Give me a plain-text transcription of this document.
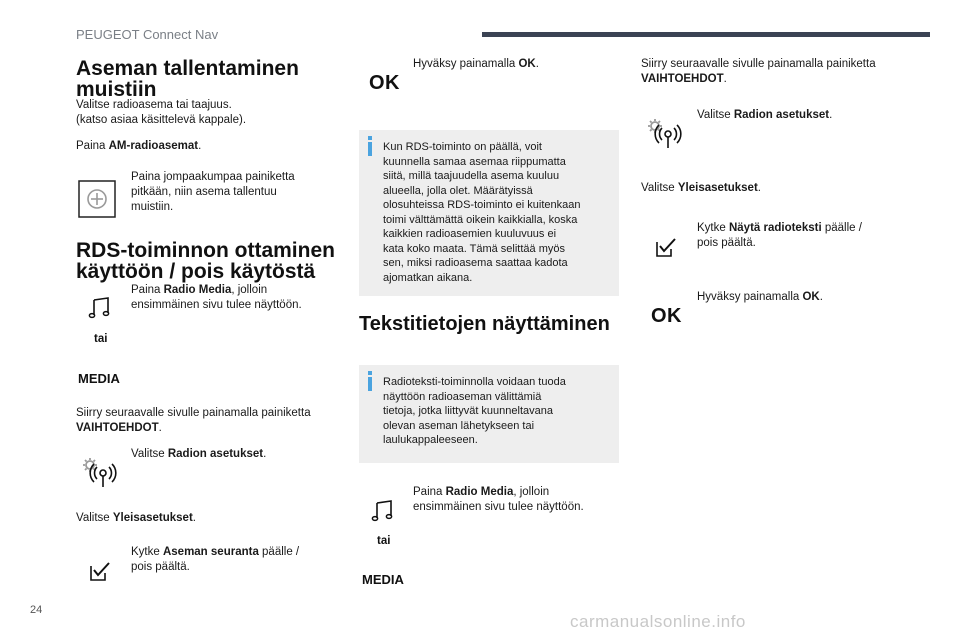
PEUGEOT Connect Nav
Aseman tallentaminen
muistiin
Valitse radioasema tai taajuus.
(katso asiaa käsittelevä kappale).
Paina AM-radioasemat.
Paina jompaakumpaa painiketta
pitkään, niin asema tallentuu
muistiin.
RDS-toiminnon ottaminen
käyttöön / pois käytöstä
Paina Radio Media, jolloin
ensimmäinen sivu tulee näyttöön.
tai
MEDIA
Siirry seuraavalle sivulle painamalla painiketta
VAIHTOEHDOT.
Valitse Radion asetukset.
Valitse Yleisasetukset.
Kytke Aseman seuranta päälle /
pois päältä.
OK
Hyväksy painamalla OK.
Kun RDS-toiminto on päällä, voit
kuunnella samaa asemaa riippumatta
siitä, millä taajuudella asema kuuluu
alueella, jolla olet. Määrätyissä
olosuhteissa RDS-toiminto ei kuitenkaan
toimi välttämättä oikein kaikkialla, koska
kaikkien radioasemien kuuluvuus ei
kata koko maata. Tämä selittää myös
sen, miksi radioasema saattaa kadota
ajomatkan aikana.
Tekstitietojen näyttäminen
Radioteksti-toiminnolla voidaan tuoda
näyttöön radioaseman välittämiä
tietoja, jotka liittyvät kuunneltavana
olevan aseman lähetykseen tai
laulukappaleeseen.
Paina Radio Media, jolloin
ensimmäinen sivu tulee näyttöön.
tai
MEDIA
Siirry seuraavalle sivulle painamalla painiketta
VAIHTOEHDOT.
Valitse Radion asetukset.
Valitse Yleisasetukset.
Kytke Näytä radioteksti päälle /
pois päältä.
OK
Hyväksy painamalla OK.
24
carmanualsonline.info
